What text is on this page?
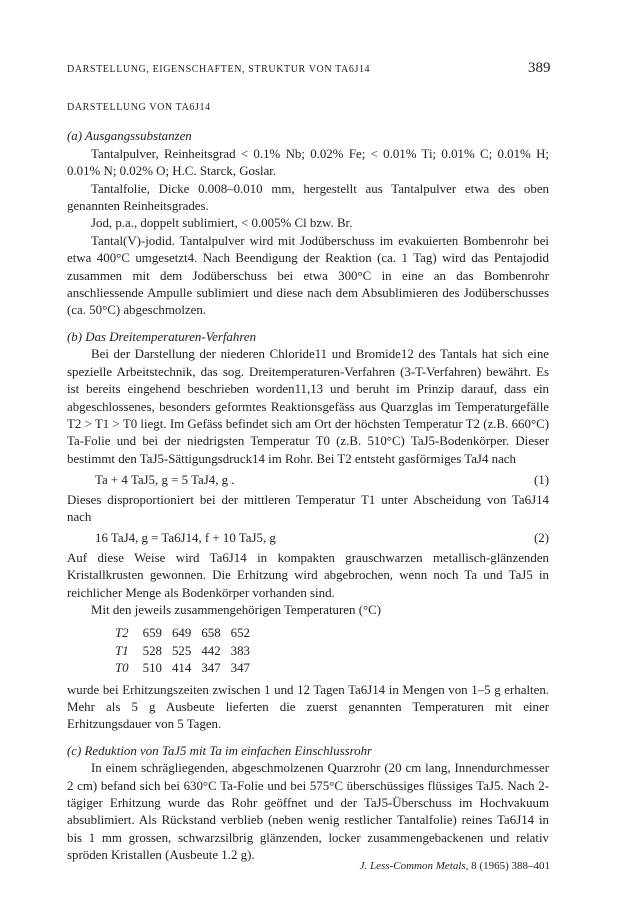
DARSTELLUNG, EIGENSCHAFTEN, STRUKTUR VON TA6J14	389

DARSTELLUNG VON TA6J14

(a) Ausgangssubstanzen

Tantalpulver, Reinheitsgrad < 0.1% Nb; 0.02% Fe; < 0.01% Ti; 0.01% C; 0.01% H; 0.01% N; 0.02% O; H.C. Starck, Goslar.

Tantalfolie, Dicke 0.008–0.010 mm, hergestellt aus Tantalpulver etwa des oben genannten Reinheitsgrades.

Jod, p.a., doppelt sublimiert, < 0.005% Cl bzw. Br.

Tantal(V)-jodid. Tantalpulver wird mit Jodüberschuss im evakuierten Bombenrohr bei etwa 400°C umgesetzt4. Nach Beendigung der Reaktion (ca. 1 Tag) wird das Pentajodid zusammen mit dem Jodüberschuss bei etwa 300°C in eine an das Bombenrohr anschliessende Ampulle sublimiert und diese nach dem Absublimieren des Jodüberschusses (ca. 50°C) abgeschmolzen.

(b) Das Dreitemperaturen-Verfahren

Bei der Darstellung der niederen Chloride11 und Bromide12 des Tantals hat sich eine spezielle Arbeitstechnik, das sog. Dreitemperaturen-Verfahren (3-T-Verfahren) bewährt. Es ist bereits eingehend beschrieben worden11,13 und beruht im Prinzip darauf, dass ein abgeschlossenes, besonders geformtes Reaktionsgefäss aus Quarzglas im Temperaturgefälle T2 > T1 > T0 liegt. Im Gefäss befindet sich am Ort der höchsten Temperatur T2 (z.B. 660°C) Ta-Folie und bei der niedrigsten Temperatur T0 (z.B. 510°C) TaJ5-Bodenkörper. Dieser bestimmt den TaJ5-Sättigungsdruck14 im Rohr. Bei T2 entsteht gasförmiges TaJ4 nach

Ta + 4 TaJ5, g = 5 TaJ4, g .	(1)

Dieses disproportioniert bei der mittleren Temperatur T1 unter Abscheidung von Ta6J14 nach

16 TaJ4, g = Ta6J14, f + 10 TaJ5, g	(2)

Auf diese Weise wird Ta6J14 in kompakten grauschwarzen metallisch-glänzenden Kristallkrusten gewonnen. Die Erhitzung wird abgebrochen, wenn noch Ta und TaJ5 in reichlicher Menge als Bodenkörper vorhanden sind.

Mit den jeweils zusammengehörigen Temperaturen (°C)

T2	659	649	658	652
T1	528	525	442	383
T0	510	414	347	347

wurde bei Erhitzungszeiten zwischen 1 und 12 Tagen Ta6J14 in Mengen von 1–5 g erhalten. Mehr als 5 g Ausbeute lieferten die zuerst genannten Temperaturen mit einer Erhitzungsdauer von 5 Tagen.

(c) Reduktion von TaJ5 mit Ta im einfachen Einschlussrohr

In einem schrägliegenden, abgeschmolzenen Quarzrohr (20 cm lang, Innendurchmesser 2 cm) befand sich bei 630°C Ta-Folie und bei 575°C überschüssiges flüssiges TaJ5. Nach 2-tägiger Erhitzung wurde das Rohr geöffnet und der TaJ5-Überschuss im Hochvakuum absublimiert. Als Rückstand verblieb (neben wenig restlicher Tantalfolie) reines Ta6J14 in bis 1 mm grossen, schwarzsilbrig glänzenden, locker zusammengebackenen und relativ spröden Kristallen (Ausbeute 1.2 g).

J. Less-Common Metals, 8 (1965) 388–401
